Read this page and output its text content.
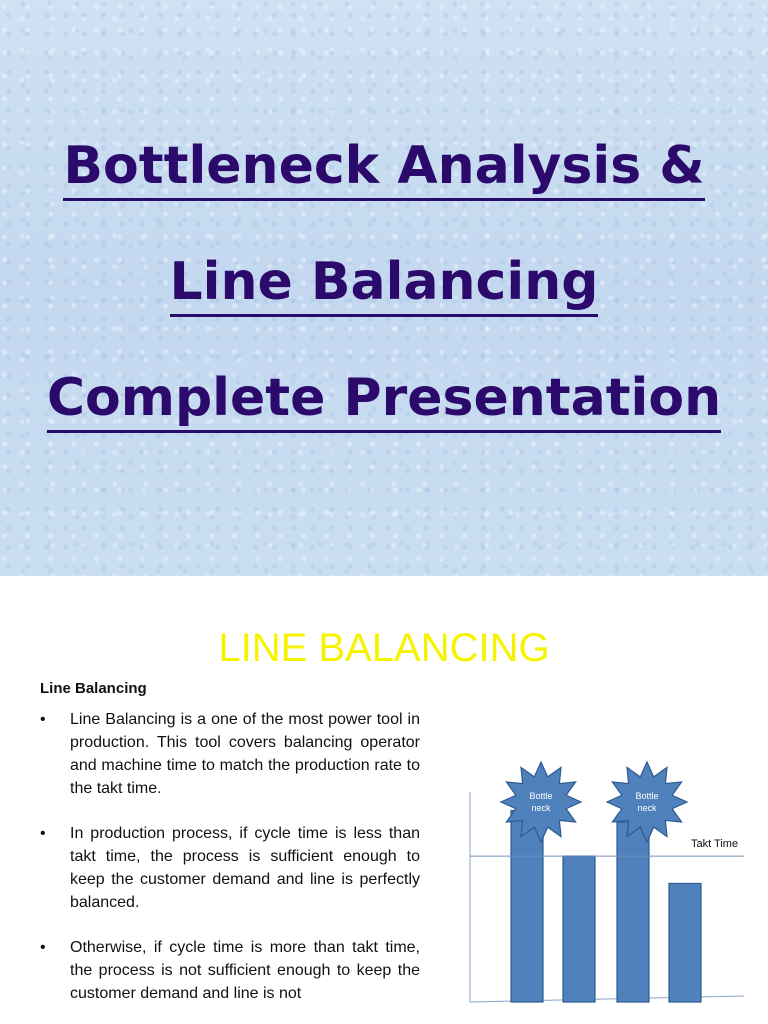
Bottleneck Analysis &
Line Balancing
Complete Presentation
LINE BALANCING
Line Balancing
• Line Balancing is a one of the most power tool in production. This tool covers balancing operator and machine time to match the production rate to the takt time.
• In production process, if cycle time is less than takt time, the process is sufficient enough to keep the customer demand and line is perfectly balanced.
• Otherwise, if cycle time is more than takt time, the process is not sufficient enough to keep the customer demand and line is not
Takt Time
Bottle
neck
Bottle
neck
